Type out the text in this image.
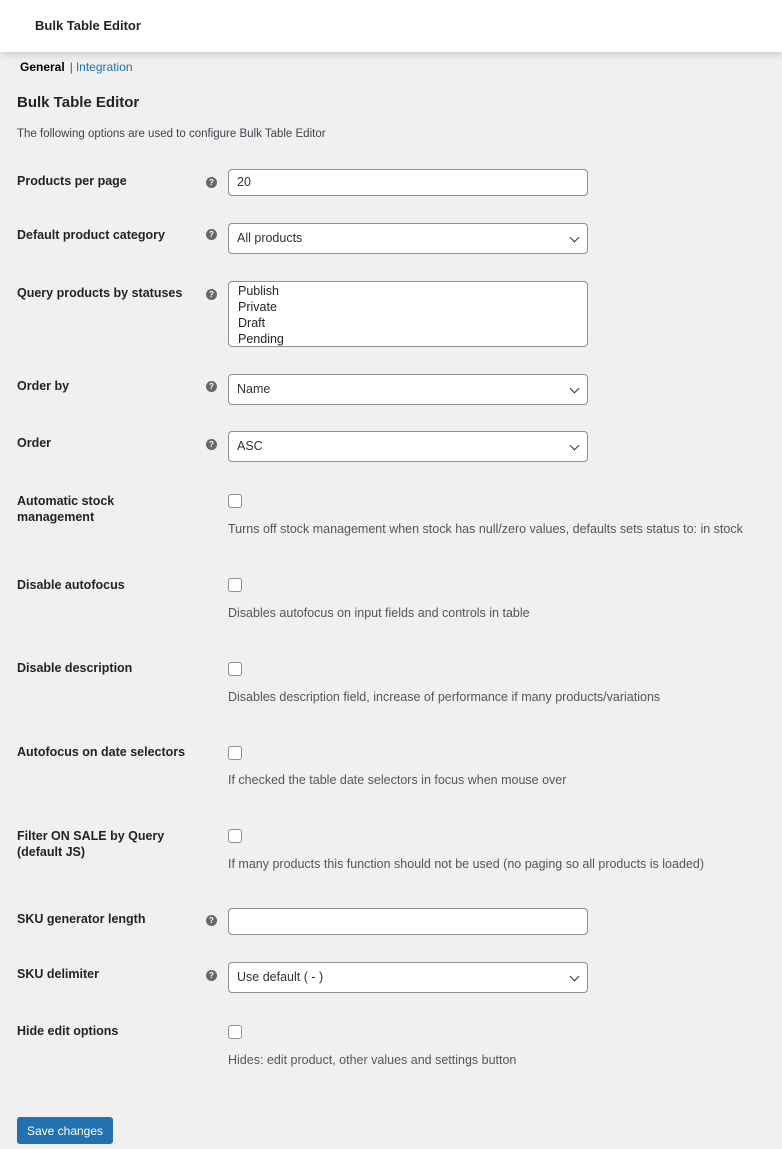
Bulk Table Editor
General | Integration
Bulk Table Editor
The following options are used to configure Bulk Table Editor
Products per page	?	20
Default product category	?	All products
Query products by statuses	? Publish
Private
Draft
Pending
Order by	?	Name
Order	?	ASC
Automatic stock management
Turns off stock management when stock has null/zero values, defaults sets status to: in stock
Disable autofocus
Disables autofocus on input fields and controls in table
Disable description
Disables description field, increase of performance if many products/variations
Autofocus on date selectors
If checked the table date selectors in focus when mouse over
Filter ON SALE by Query (default JS)
If many products this function should not be used (no paging so all products is loaded)
SKU generator length	?
SKU delimiter	?	Use default ( - )
Hide edit options
Hides: edit product, other values and settings button
Save changes
